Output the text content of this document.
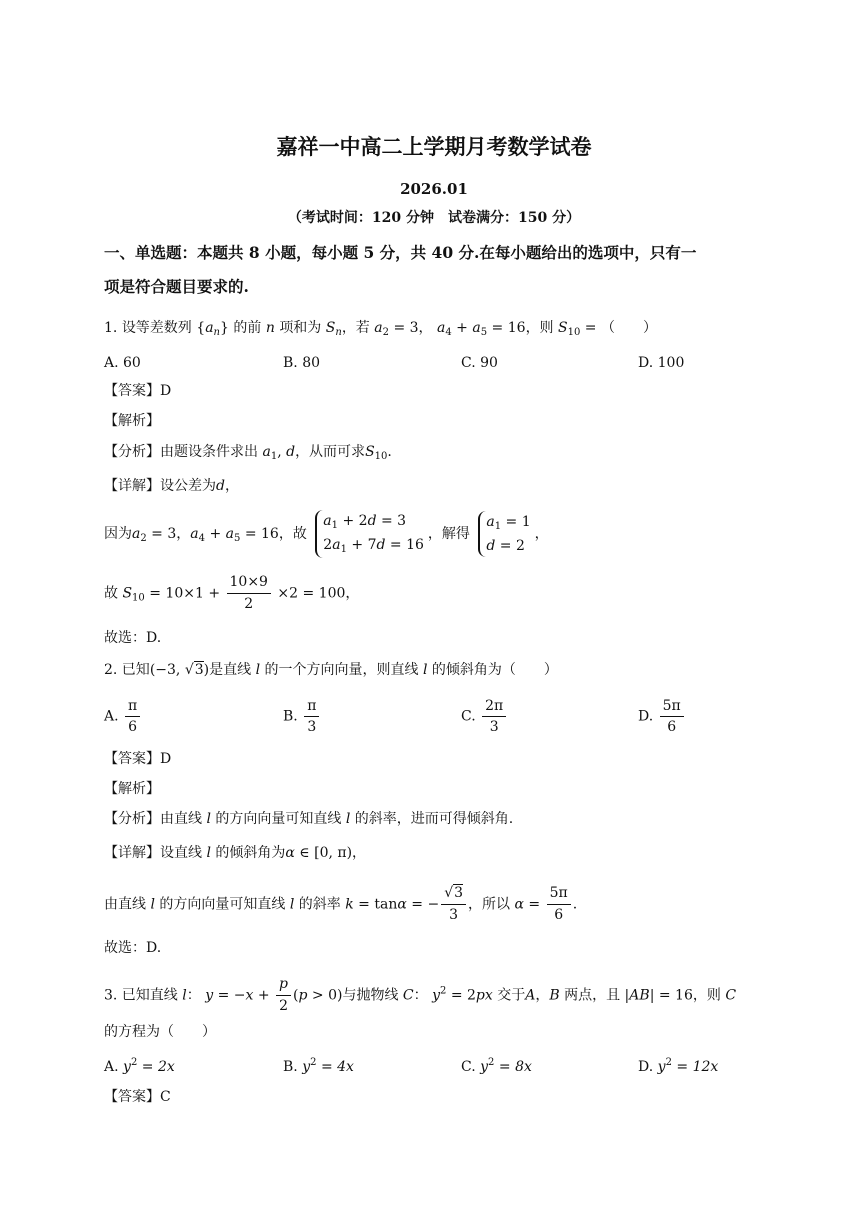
嘉祥一中高二上学期月考数学试卷
2026.01
（考试时间：120 分钟　试卷满分：150 分）
一、单选题：本题共 8 小题，每小题 5 分，共 40 分.在每小题给出的选项中，只有一
项是符合题目要求的.
1. 设等差数列 $\{a_n\}$ 的前 n 项和为 $S_n$，若 $a_2 = 3$， $a_4 + a_5 = 16$，则 $S_{10}$ = （　　）
A. 60	B. 80	C. 90	D. 100
【答案】D
【解析】
【分析】由题设条件求出 $a_1$, d，从而可求$S_{10}$.
【详解】设公差为d，
因为$a_2 = 3$，$a_4 + a_5 = 16$，故
$a_1 + 2d = 3$
$2a_1 + 7d = 16$
，解得
$a_1 = 1$
d = 2
，
故 $S_{10} = 10\times 1 + \frac{10\times 9}{2} \times 2 = 100$，
故选：D.
2. 已知(−3, √3)是直线 l 的一个方向向量，则直线 l 的倾斜角为（　　）
A. $\frac{\pi}{6}$	B. $\frac{\pi}{3}$	C. $\frac{2\pi}{3}$	D. $\frac{5\pi}{6}$
【答案】D
【解析】
【分析】由直线 l 的方向向量可知直线 l 的斜率，进而可得倾斜角.
【详解】设直线 l 的倾斜角为α ∈ [0, π)，
由直线 l 的方向向量可知直线 l 的斜率 k = tanα = − $\frac{√3}{3}$ ，所以 $\alpha = \frac{5\pi}{6}$ .
故选：D.
3. 已知直线 l： $y = -x + \frac{p}{2} (p > 0)$与抛物线 C： $y^2 = 2px$ 交于A，B 两点，且 |AB| = 16，则 C
的方程为（　　）
A. $y^2 = 2x$	B. $y^2 = 4x$	C. $y^2 = 8x$	D. $y^2 = 12x$
【答案】C
